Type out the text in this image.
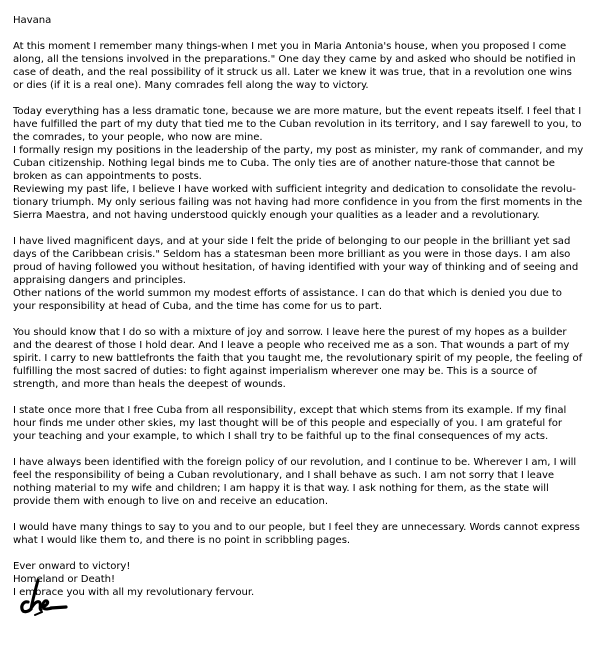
Havana

At this moment I remember many things-when I met you in Maria Antonia's house, when you proposed I come
along, all the tensions involved in the preparations." One day they came by and asked who should be notified in
case of death, and the real possibility of it struck us all. Later we knew it was true, that in a revolution one wins
or dies (if it is a real one). Many comrades fell along the way to victory.

Today everything has a less dramatic tone, because we are more mature, but the event repeats itself. I feel that I
have fulfilled the part of my duty that tied me to the Cuban revolution in its territory, and I say farewell to you, to
the comrades, to your people, who now are mine.
I formally resign my positions in the leadership of the party, my post as minister, my rank of commander, and my
Cuban citizenship. Nothing legal binds me to Cuba. The only ties are of another nature-those that cannot be
broken as can appointments to posts.
Reviewing my past life, I believe I have worked with sufficient integrity and dedication to consolidate the revolu-
tionary triumph. My only serious failing was not having had more confidence in you from the first moments in the
Sierra Maestra, and not having understood quickly enough your qualities as a leader and a revolutionary.

I have lived magnificent days, and at your side I felt the pride of belonging to our people in the brilliant yet sad
days of the Caribbean crisis." Seldom has a statesman been more brilliant as you were in those days. I am also
proud of having followed you without hesitation, of having identified with your way of thinking and of seeing and
appraising dangers and principles.
Other nations of the world summon my modest efforts of assistance. I can do that which is denied you due to
your responsibility at head of Cuba, and the time has come for us to part.

You should know that I do so with a mixture of joy and sorrow. I leave here the purest of my hopes as a builder
and the dearest of those I hold dear. And I leave a people who received me as a son. That wounds a part of my
spirit. I carry to new battlefronts the faith that you taught me, the revolutionary spirit of my people, the feeling of
fulfilling the most sacred of duties: to fight against imperialism wherever one may be. This is a source of
strength, and more than heals the deepest of wounds.

I state once more that I free Cuba from all responsibility, except that which stems from its example. If my final
hour finds me under other skies, my last thought will be of this people and especially of you. I am grateful for
your teaching and your example, to which I shall try to be faithful up to the final consequences of my acts.

I have always been identified with the foreign policy of our revolution, and I continue to be. Wherever I am, I will
feel the responsibility of being a Cuban revolutionary, and I shall behave as such. I am not sorry that I leave
nothing material to my wife and children; I am happy it is that way. I ask nothing for them, as the state will
provide them with enough to live on and receive an education.

I would have many things to say to you and to our people, but I feel they are unnecessary. Words cannot express
what I would like them to, and there is no point in scribbling pages.

Ever onward to victory!
Homeland or Death!
I embrace you with all my revolutionary fervour.
